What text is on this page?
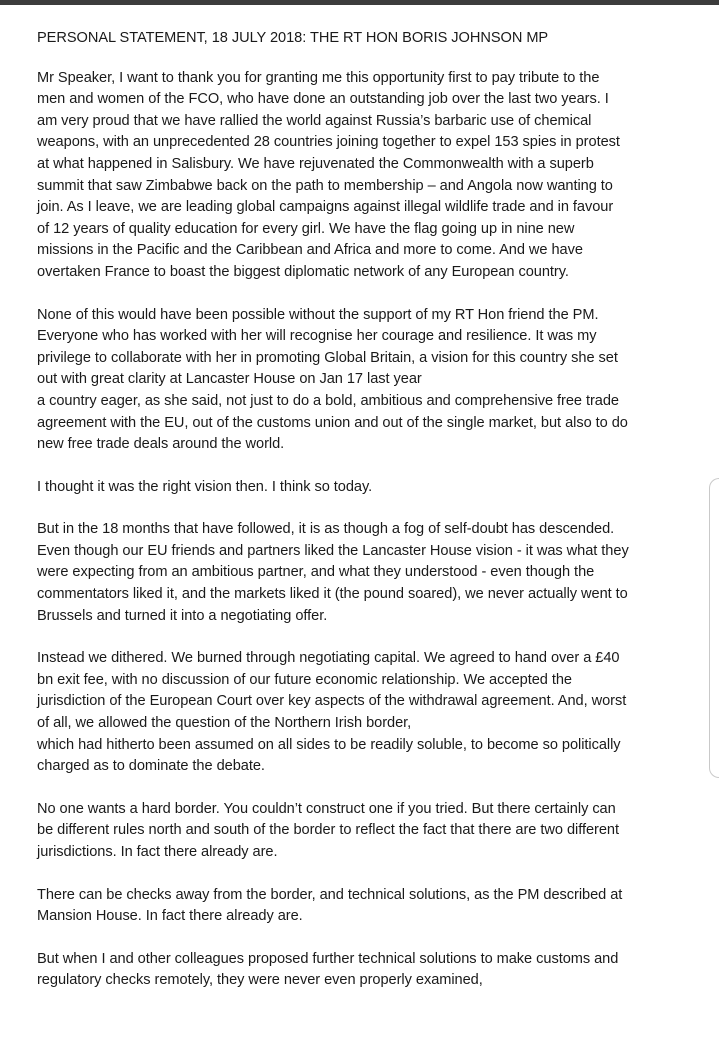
PERSONAL STATEMENT, 18 JULY 2018: THE RT HON BORIS JOHNSON MP
Mr Speaker, I want to thank you for granting me this opportunity first to pay tribute to the
men and women of the FCO, who have done an outstanding job over the last two years. I
am very proud that we have rallied the world against Russia’s barbaric use of chemical
weapons, with an unprecedented 28 countries joining together to expel 153 spies in protest
at what happened in Salisbury. We have rejuvenated the Commonwealth with a superb
summit that saw Zimbabwe back on the path to membership – and Angola now wanting to
join. As I leave, we are leading global campaigns against illegal wildlife trade and in favour
of 12 years of quality education for every girl. We have the flag going up in nine new
missions in the Pacific and the Caribbean and Africa and more to come. And we have
overtaken France to boast the biggest diplomatic network of any European country.
None of this would have been possible without the support of my RT Hon friend the PM.
Everyone who has worked with her will recognise her courage and resilience. It was my
privilege to collaborate with her in promoting Global Britain, a vision for this country she set
out with great clarity at Lancaster House on Jan 17 last year
a country eager, as she said, not just to do a bold, ambitious and comprehensive free trade
agreement with the EU, out of the customs union and out of the single market, but also to do
new free trade deals around the world.
I thought it was the right vision then. I think so today.
But in the 18 months that have followed, it is as though a fog of self-doubt has descended.
Even though our EU friends and partners liked the Lancaster House vision - it was what they
were expecting from an ambitious partner, and what they understood - even though the
commentators liked it, and the markets liked it (the pound soared), we never actually went to
Brussels and turned it into a negotiating offer.
Instead we dithered. We burned through negotiating capital. We agreed to hand over a £40
bn exit fee, with no discussion of our future economic relationship. We accepted the
jurisdiction of the European Court over key aspects of the withdrawal agreement. And, worst
of all, we allowed the question of the Northern Irish border,
which had hitherto been assumed on all sides to be readily soluble, to become so politically
charged as to dominate the debate.
No one wants a hard border. You couldn’t construct one if you tried. But there certainly can
be different rules north and south of the border to reflect the fact that there are two different
jurisdictions. In fact there already are.
There can be checks away from the border, and technical solutions, as the PM described at
Mansion House. In fact there already are.
But when I and other colleagues proposed further technical solutions to make customs and
regulatory checks remotely, they were never even properly examined,
